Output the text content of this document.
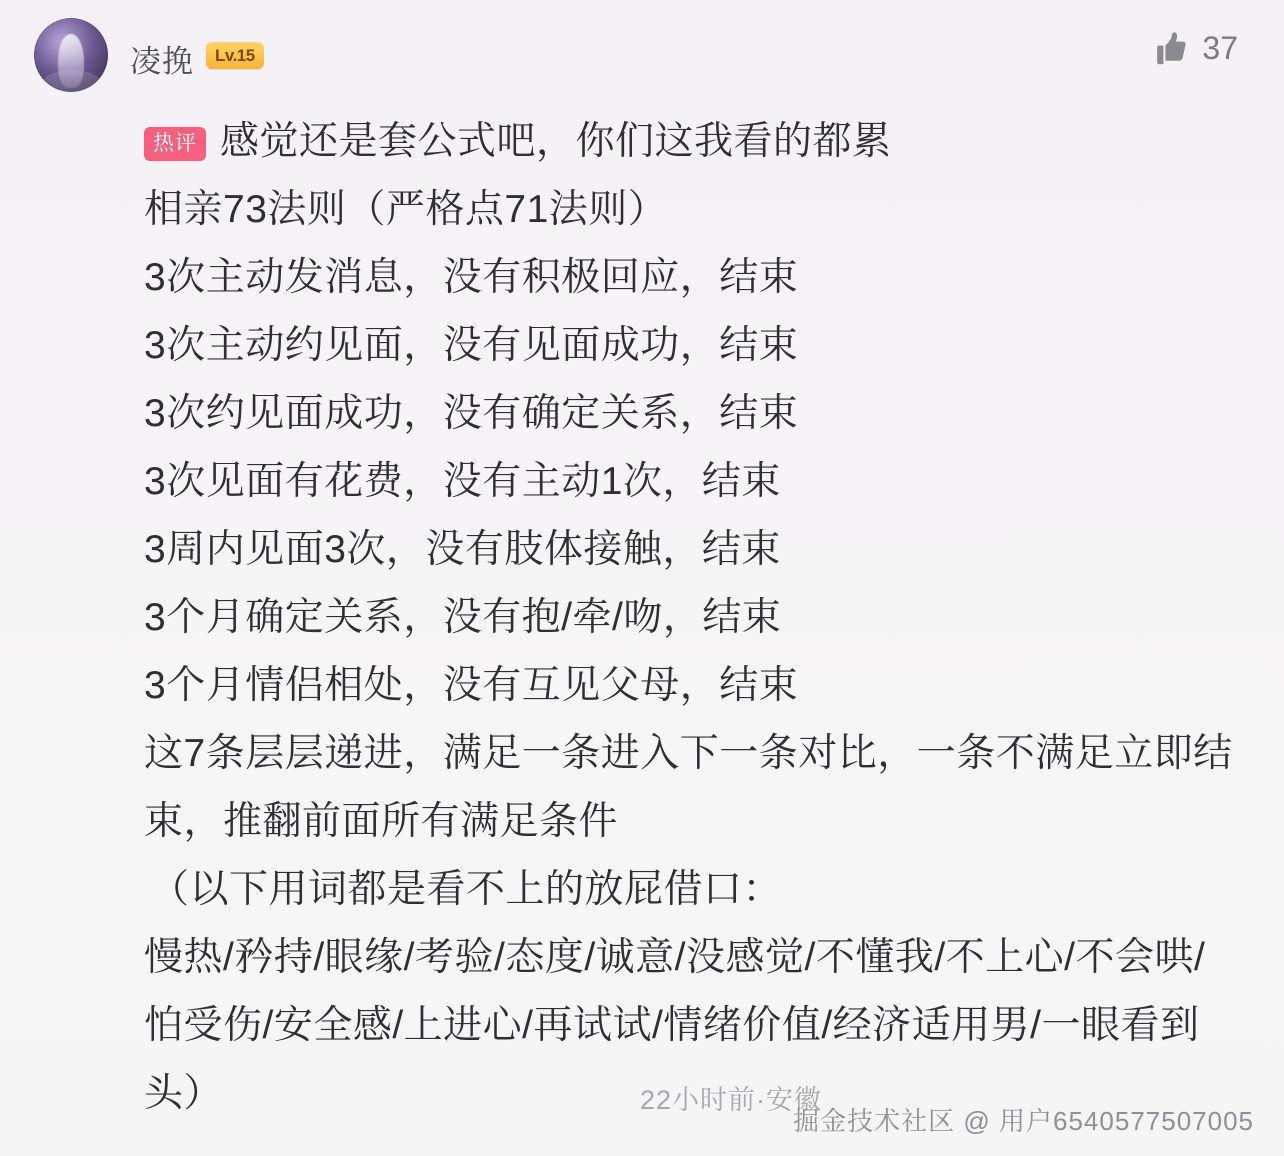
凌挽	Lv.15	37
热评 感觉还是套公式吧，你们这我看的都累
相亲73法则（严格点71法则）
3次主动发消息，没有积极回应，结束
3次主动约见面，没有见面成功，结束
3次约见面成功，没有确定关系，结束
3次见面有花费，没有主动1次，结束
3周内见面3次，没有肢体接触，结束
3个月确定关系，没有抱/牵/吻，结束
3个月情侣相处，没有互见父母，结束
这7条层层递进，满足一条进入下一条对比，一条不满足立即结束，推翻前面所有满足条件
（以下用词都是看不上的放屁借口：
慢热/矜持/眼缘/考验/态度/诚意/没感觉/不懂我/不上心/不会哄/怕受伤/安全感/上进心/再试试/情绪价值/经济适用男/一眼看到头）	22小时前·安徽
掘金技术社区 @ 用户6540577507005
